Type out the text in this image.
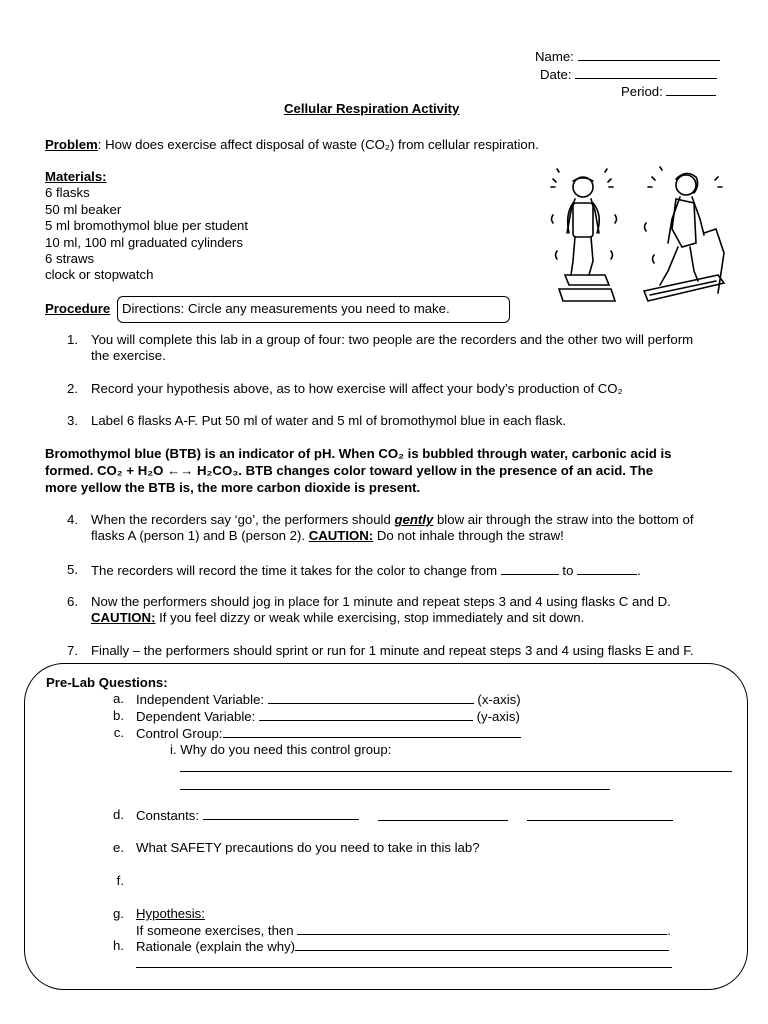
Name:
Date:
Period:
Cellular Respiration Activity
Problem: How does exercise affect disposal of waste (CO₂) from cellular respiration.
Materials:
6 flasks
50 ml beaker
5 ml bromothymol blue per student
10 ml, 100 ml graduated cylinders
6 straws
clock or stopwatch
Procedure Directions: Circle any measurements you need to make.
1. You will complete this lab in a group of four: two people are the recorders and the other two will perform
the exercise.
2. Record your hypothesis above, as to how exercise will affect your body’s production of CO₂
3. Label 6 flasks A-F. Put 50 ml of water and 5 ml of bromothymol blue in each flask.
Bromothymol blue (BTB) is an indicator of pH. When CO₂ is bubbled through water, carbonic acid is
formed. CO₂ + H₂O ←→ H₂CO₃. BTB changes color toward yellow in the presence of an acid. The
more yellow the BTB is, the more carbon dioxide is present.
4. When the recorders say ‘go’, the performers should gently blow air through the straw into the bottom of
flasks A (person 1) and B (person 2). CAUTION: Do not inhale through the straw!
5. The recorders will record the time it takes for the color to change from	to	.
6. Now the performers should jog in place for 1 minute and repeat steps 3 and 4 using flasks C and D.
CAUTION: If you feel dizzy or weak while exercising, stop immediately and sit down.
7. Finally – the performers should sprint or run for 1 minute and repeat steps 3 and 4 using flasks E and F.
Pre-Lab Questions:
a. Independent Variable:	(x-axis)
b. Dependent Variable:	(y-axis)
c. Control Group:
i. Why do you need this control group:
d. Constants:
e. What SAFETY precautions do you need to take in this lab?
f.
g. Hypothesis:
If someone exercises, then	.
h. Rationale (explain the why)
